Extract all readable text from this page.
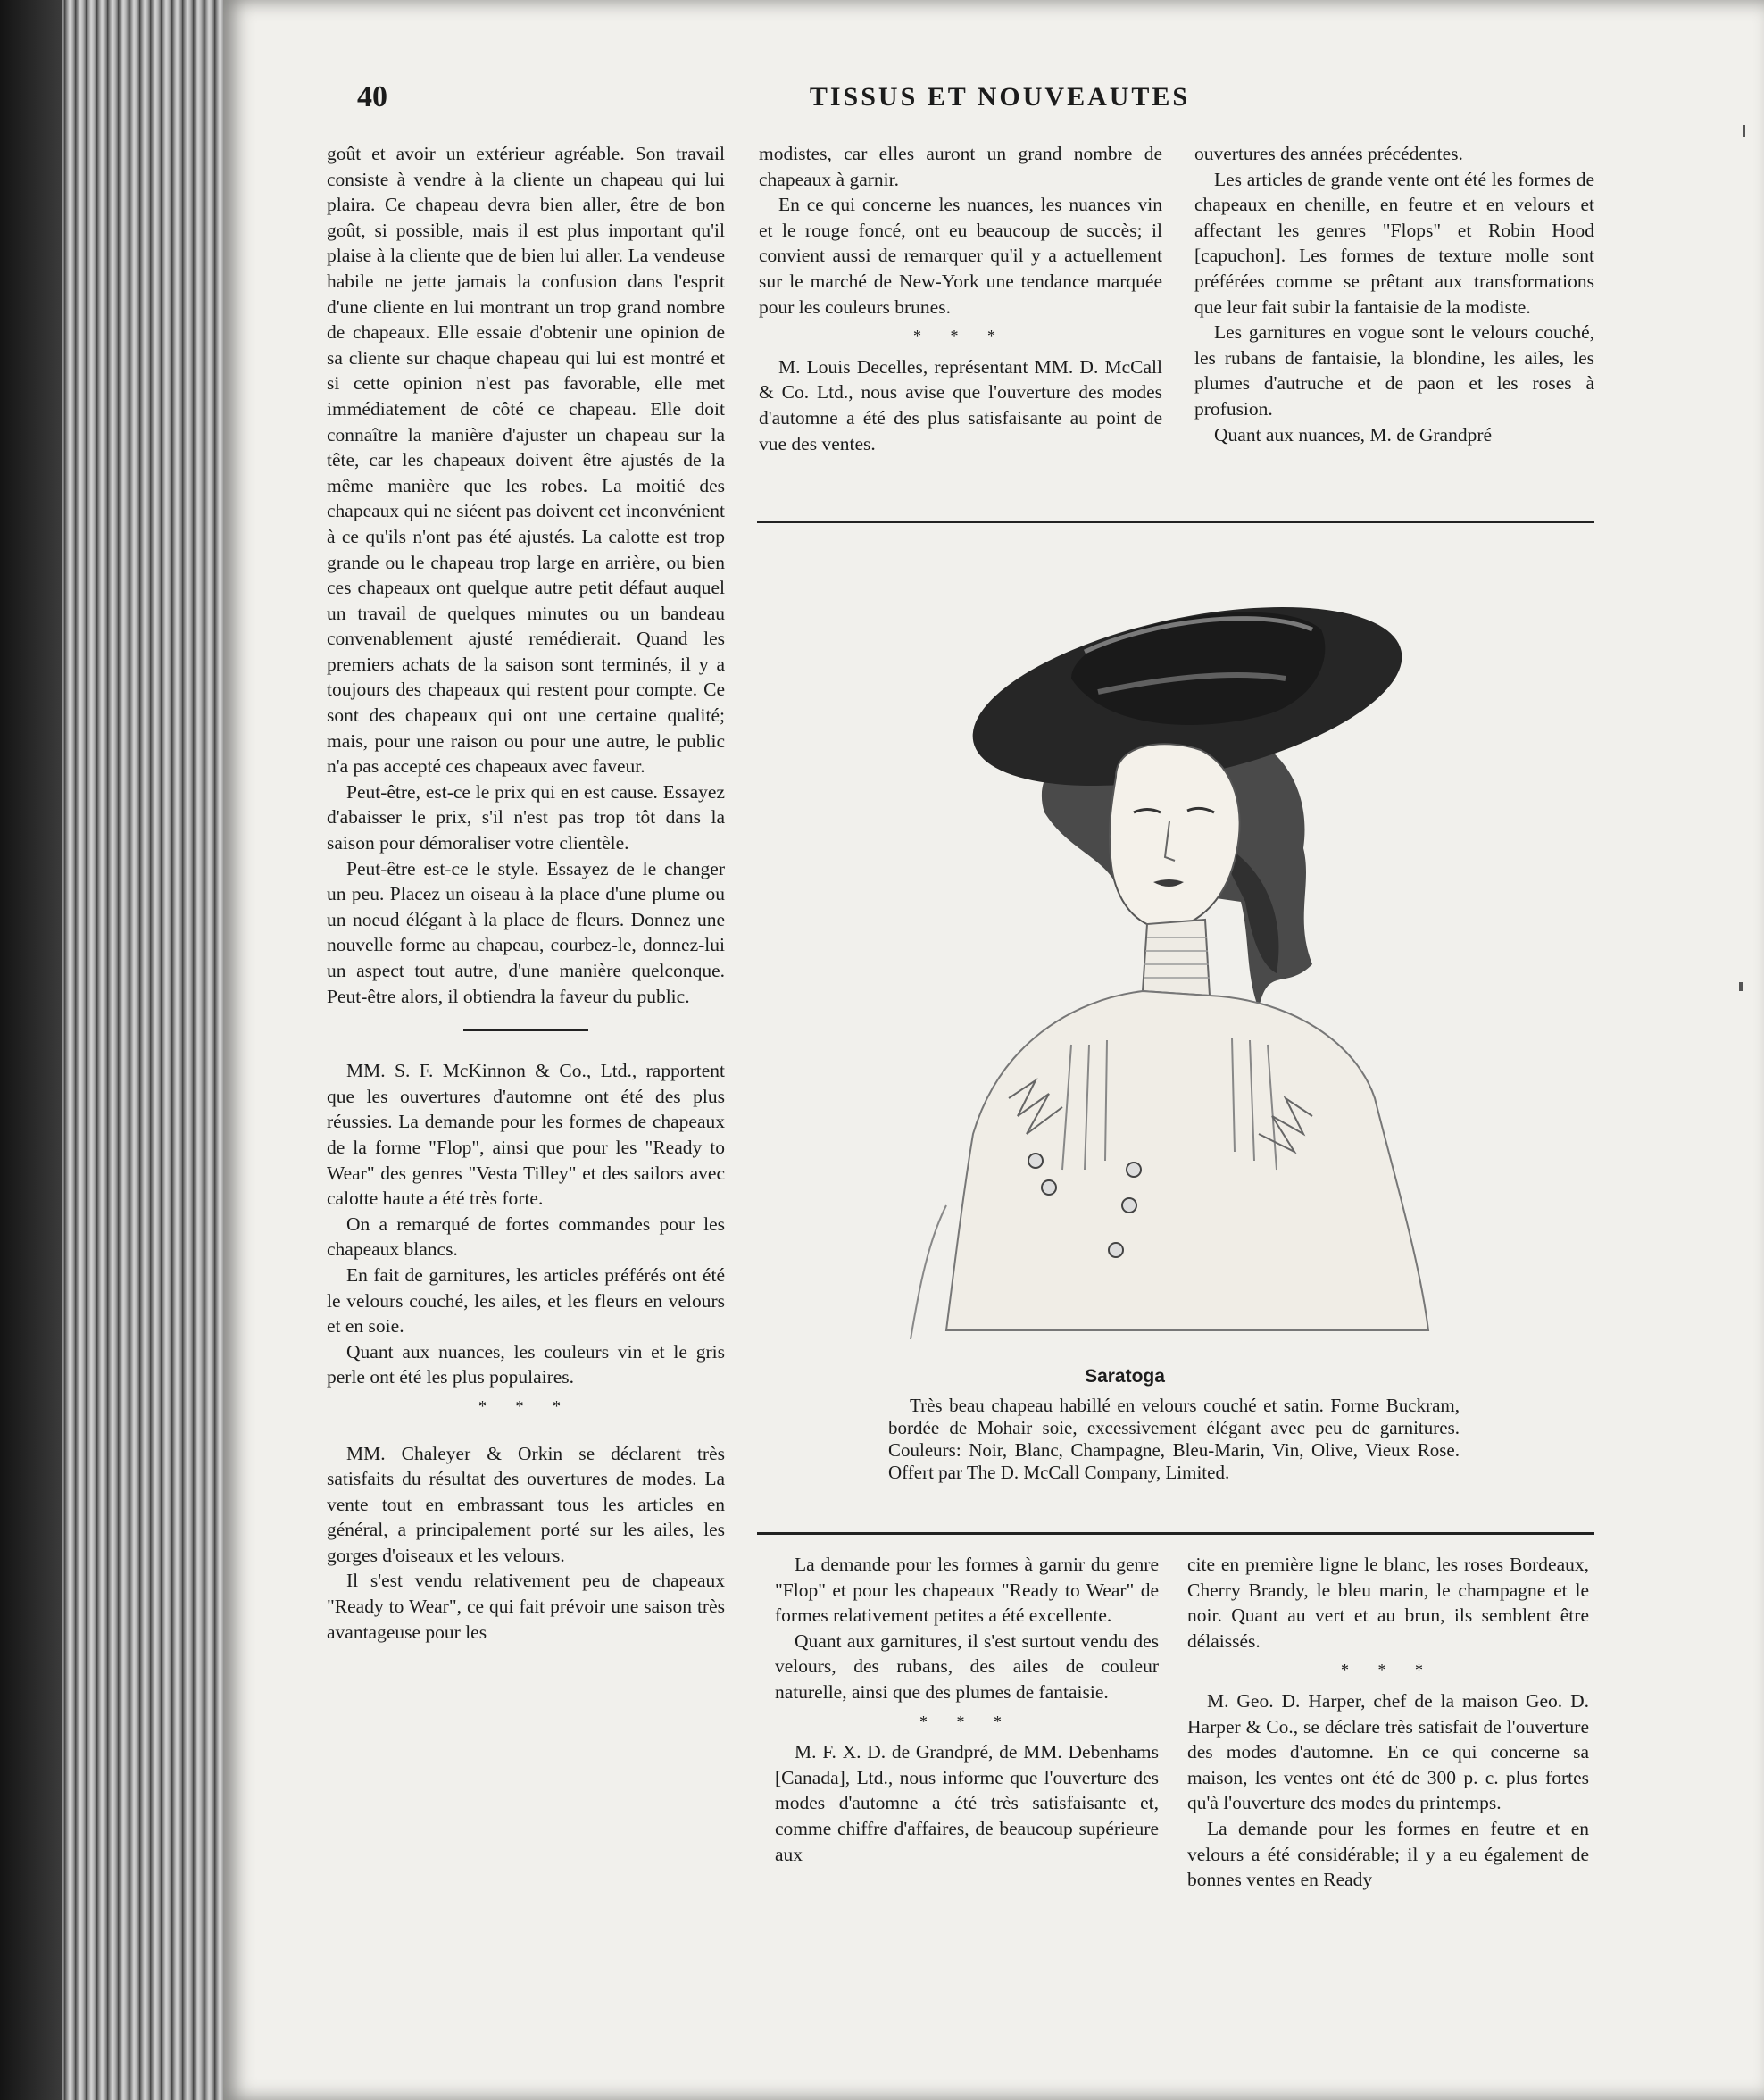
40	TISSUS ET NOUVEAUTES

goût et avoir un extérieur agréable. Son travail consiste à vendre à la cliente un chapeau qui lui plaira. Ce chapeau devra bien aller, être de bon goût, si possible, mais il est plus important qu'il plaise à la cliente que de bien lui aller. La vendeuse habile ne jette jamais la confusion dans l'esprit d'une cliente en lui montrant un trop grand nombre de chapeaux. Elle essaie d'obtenir une opinion de sa cliente sur chaque chapeau qui lui est montré et si cette opinion n'est pas favorable, elle met immédiatement de côté ce chapeau. Elle doit connaître la manière d'ajuster un chapeau sur la tête, car les chapeaux doivent être ajustés de la même manière que les robes. La moitié des chapeaux qui ne siéent pas doivent cet inconvénient à ce qu'ils n'ont pas été ajustés. La calotte est trop grande ou le chapeau trop large en arrière, ou bien ces chapeaux ont quelque autre petit défaut auquel un travail de quelques minutes ou un bandeau convenablement ajusté remédierait. Quand les premiers achats de la saison sont terminés, il y a toujours des chapeaux qui restent pour compte. Ce sont des chapeaux qui ont une certaine qualité; mais, pour une raison ou pour une autre, le public n'a pas accepté ces chapeaux avec faveur.

Peut-être, est-ce le prix qui en est cause. Essayez d'abaisser le prix, s'il n'est pas trop tôt dans la saison pour démoraliser votre clientèle.

Peut-être est-ce le style. Essayez de le changer un peu. Placez un oiseau à la place d'une plume ou un noeud élégant à la place de fleurs. Donnez une nouvelle forme au chapeau, courbez-le, donnez-lui un aspect tout autre, d'une manière quelconque. Peut-être alors, il obtiendra la faveur du public.

MM. S. F. McKinnon & Co., Ltd., rapportent que les ouvertures d'automne ont été des plus réussies. La demande pour les formes de chapeaux de la forme "Flop", ainsi que pour les "Ready to Wear" des genres "Vesta Tilley" et des sailors avec calotte haute a été très forte.

On a remarqué de fortes commandes pour les chapeaux blancs.

En fait de garnitures, les articles préférés ont été le velours couché, les ailes, et les fleurs en velours et en soie.

Quant aux nuances, les couleurs vin et le gris perle ont été les plus populaires.

* * *

MM. Chaleyer & Orkin se déclarent très satisfaits du résultat des ouvertures de modes. La vente tout en embrassant tous les articles en général, a principalement porté sur les ailes, les gorges d'oiseaux et les velours.

Il s'est vendu relativement peu de chapeaux "Ready to Wear", ce qui fait prévoir une saison très avantageuse pour les

modistes, car elles auront un grand nombre de chapeaux à garnir.

En ce qui concerne les nuances, les nuances vin et le rouge foncé, ont eu beaucoup de succès; il convient aussi de remarquer qu'il y a actuellement sur le marché de New-York une tendance marquée pour les couleurs brunes.

* * *

M. Louis Decelles, représentant MM. D. McCall & Co. Ltd., nous avise que l'ouverture des modes d'automne a été des plus satisfaisante au point de vue des ventes.

ouvertures des années précédentes.

Les articles de grande vente ont été les formes de chapeaux en chenille, en feutre et en velours et affectant les genres "Flops" et Robin Hood [capuchon]. Les formes de texture molle sont préférées comme se prêtant aux transformations que leur fait subir la fantaisie de la modiste.

Les garnitures en vogue sont le velours couché, les rubans de fantaisie, la blondine, les ailes, les plumes d'autruche et de paon et les roses à profusion.

Quant aux nuances, M. de Grandpré

Saratoga

Très beau chapeau habillé en velours couché et satin. Forme Buckram, bordée de Mohair soie, excessivement élégant avec peu de garnitures. Couleurs: Noir, Blanc, Champagne, Bleu-Marin, Vin, Olive, Vieux Rose. Offert par The D. McCall Company, Limited.

La demande pour les formes à garnir du genre "Flop" et pour les chapeaux "Ready to Wear" de formes relativement petites a été excellente.

Quant aux garnitures, il s'est surtout vendu des velours, des rubans, des ailes de couleur naturelle, ainsi que des plumes de fantaisie.

* * *

M. F. X. D. de Grandpré, de MM. Debenhams [Canada], Ltd., nous informe que l'ouverture des modes d'automne a été très satisfaisante et, comme chiffre d'affaires, de beaucoup supérieure aux

cite en première ligne le blanc, les roses Bordeaux, Cherry Brandy, le bleu marin, le champagne et le noir. Quant au vert et au brun, ils semblent être délaissés.

* * *

M. Geo. D. Harper, chef de la maison Geo. D. Harper & Co., se déclare très satisfait de l'ouverture des modes d'automne. En ce qui concerne sa maison, les ventes ont été de 300 p. c. plus fortes qu'à l'ouverture des modes du printemps.

La demande pour les formes en feutre et en velours a été considérable; il y a eu également de bonnes ventes en Ready
